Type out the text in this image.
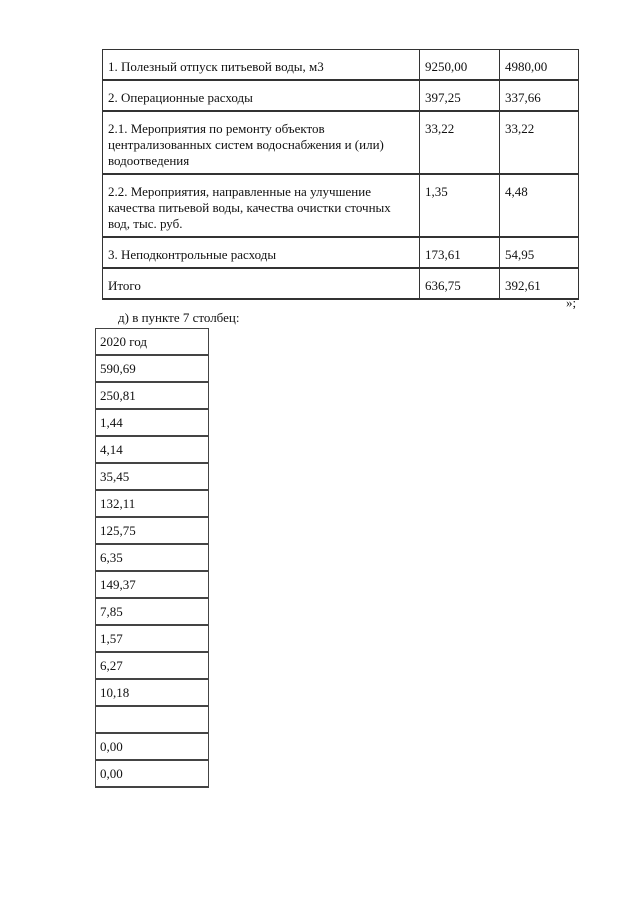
1. Полезный отпуск питьевой воды, м3	9250,00	4980,00
2. Операционные расходы	397,25	337,66
2.1. Мероприятия по ремонту объектов централизованных систем водоснабжения и (или) водоотведения	33,22	33,22
2.2. Мероприятия, направленные на улучшение качества питьевой воды, качества очистки сточных вод, тыс. руб.	1,35	4,48
3. Неподконтрольные расходы	173,61	54,95
Итого	636,75	392,61
»;
д) в пункте 7 столбец:
2020 год
590,69
250,81
1,44
4,14
35,45
132,11
125,75
6,35
149,37
7,85
1,57
6,27
10,18

0,00
0,00
